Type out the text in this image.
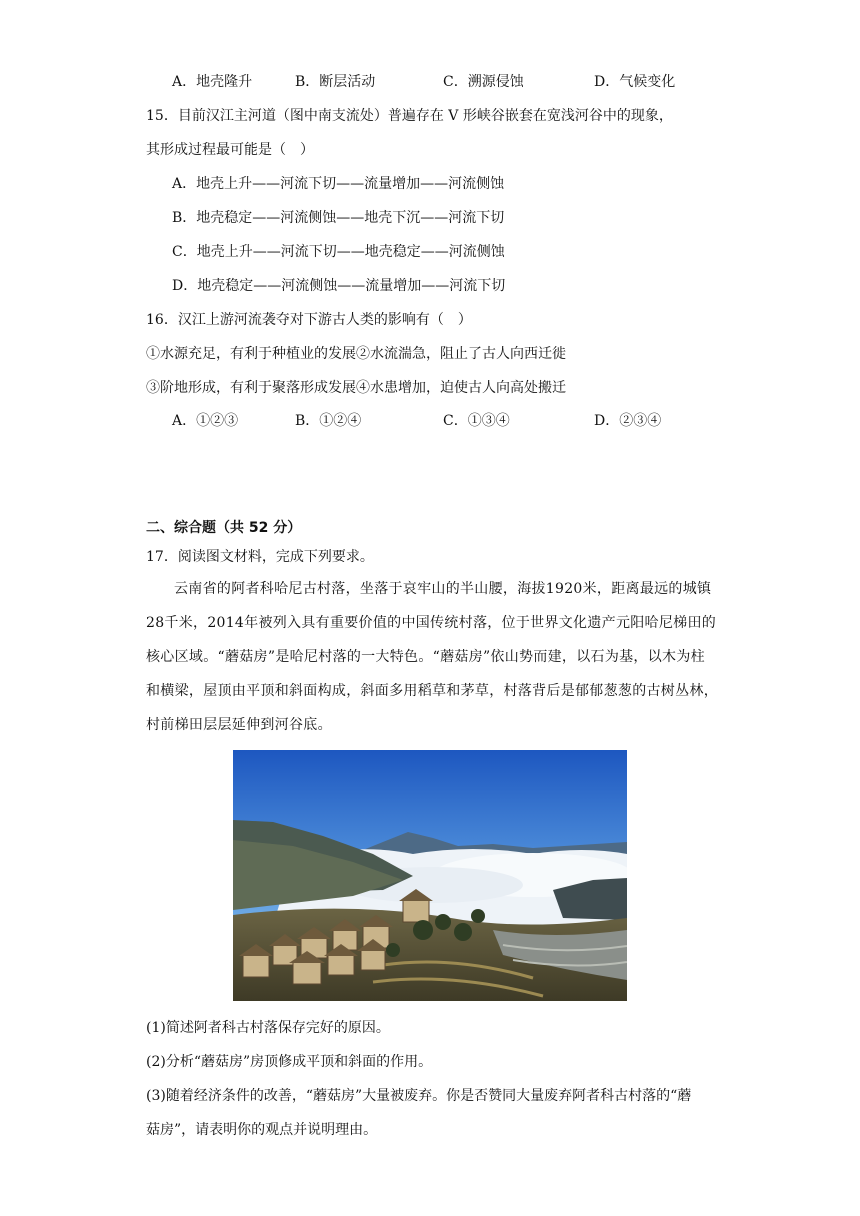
A．地壳隆升	B．断层活动	C．溯源侵蚀	D．气候变化
15．目前汉江主河道（图中南支流处）普遍存在 V 形峡谷嵌套在宽浅河谷中的现象，
其形成过程最可能是（　）
A．地壳上升——河流下切——流量增加——河流侧蚀
B．地壳稳定——河流侧蚀——地壳下沉——河流下切
C．地壳上升——河流下切——地壳稳定——河流侧蚀
D．地壳稳定——河流侧蚀——流量增加——河流下切
16．汉江上游河流袭夺对下游古人类的影响有（　）
①水源充足，有利于种植业的发展②水流湍急，阻止了古人向西迁徙
③阶地形成，有利于聚落形成发展④水患增加，迫使古人向高处搬迁
A．①②③	B．①②④	C．①③④	D．②③④
二、综合题（共 52 分）
17．阅读图文材料，完成下列要求。

云南省的阿者科哈尼古村落，坐落于哀牢山的半山腰，海拔1920米，距离最远的城镇28千米，2014年被列入具有重要价值的中国传统村落，位于世界文化遗产元阳哈尼梯田的核心区域。“蘑菇房”是哈尼村落的一大特色。“蘑菇房”依山势而建，以石为基，以木为柱和横梁，屋顶由平顶和斜面构成，斜面多用稻草和茅草，村落背后是郁郁葱葱的古树丛林，村前梯田层层延伸到河谷底。

(1)简述阿者科古村落保存完好的原因。
(2)分析“蘑菇房”房顶修成平顶和斜面的作用。
(3)随着经济条件的改善，“蘑菇房”大量被废弃。你是否赞同大量废弃阿者科古村落的“蘑
菇房”，请表明你的观点并说明理由。
